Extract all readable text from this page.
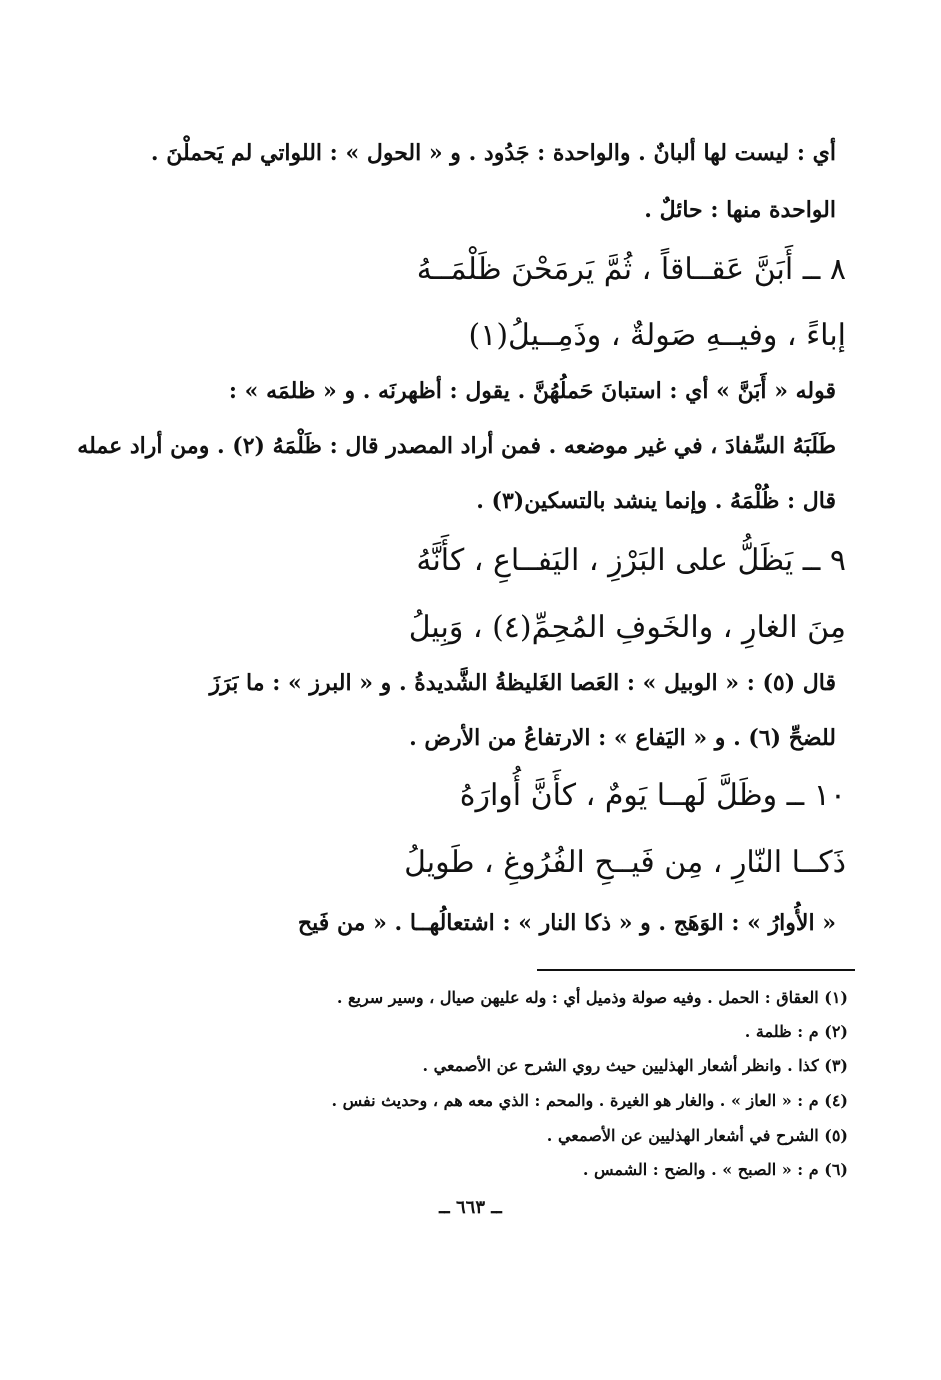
أي : ليست لها ألبانٌ . والواحدة : جَدُود . و « الحول » : اللواتي لم يَحملْنَ .
الواحدة منها : حائلٌ .
٨ ــ أَبَنَّ عَقــاقاً ، ثُمَّ يَرمَحْنَ ظَلْمَــهُ
إباءً ، وفيــهِ صَولةٌ ، وذَمِــيلُ(١)
قوله « أَبَنَّ » أي : استبانَ حَملُهُنَّ . يقول : أظهرنَه . و « ظلمَه » :
طَلَبَهُ السِّفادَ ، في غير موضعه . فمن أراد المصدر قال : ظَلْمَهُ (٢) . ومن أراد عمله
قال : ظُلْمَهُ . وإنما ينشد بالتسكين(٣) .
٩ ــ يَظَلُّ على البَرْزِ ، اليَفــاعِ ، كأَنَّهُ
مِنَ الغارِ ، والخَوفِ المُحِمِّ(٤) ، وَبِيلُ
قال (٥) : « الوبيل » : العَصا الغَليظةُ الشَّديدةُ . و « البرز » : ما بَرَزَ
للضحِّ (٦) . و « اليَفاع » : الارتفاعُ من الأرض .
١٠ ــ وظَلَّ لَهــا يَومٌ ، كأَنَّ أُوارَهُ
ذَكــا النّارِ ، مِن فَيــحِ الفُرُوغِ ، طَويلُ
« الأُوارُ » : الوَهَج . و « ذكا النار » : اشتعالُهــا . « من فَيح
(١) العقاق : الحمل . وفيه صولة وذميل أي : وله عليهن صيال ، وسير سريع .
(٢) م : ظلمة .
(٣) كذا . وانظر أشعار الهذليين حيث روي الشرح عن الأصمعي .
(٤) م : « العاز » . والغار هو الغيرة . والمحم : الذي معه هم ، وحديث نفس .
(٥) الشرح في أشعار الهذليين عن الأصمعي .
(٦) م : « الصبح » . والضح : الشمس .
ــ ٦٦٣ ــ
